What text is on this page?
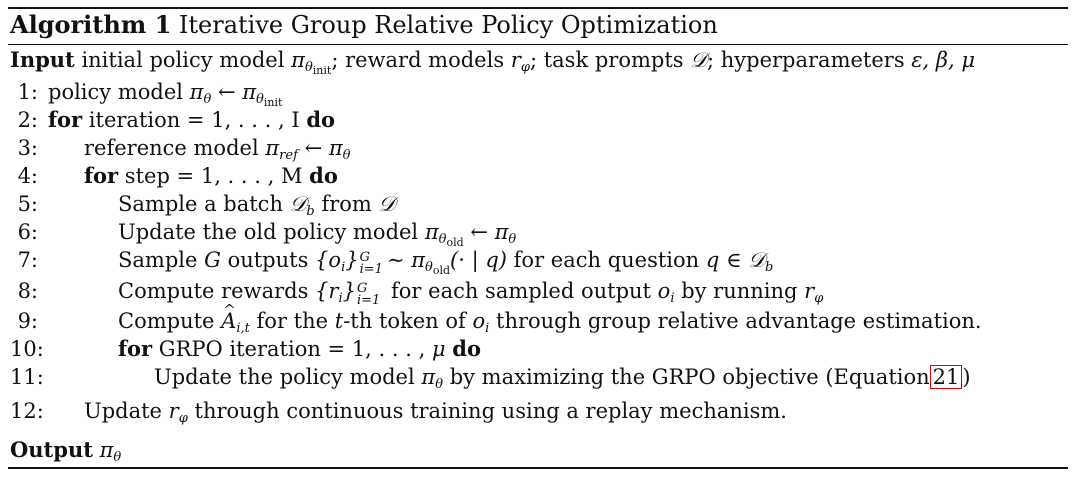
Algorithm 1 Iterative Group Relative Policy Optimization
Input initial policy model $\pi_{\theta_{init}}$; reward models $r_\varphi$; task prompts 𝒟; hyperparameters ε, β, μ
1: policy model $\pi_\theta$ ← $\pi_{\theta_{init}}$
2: for iteration = 1, . . . , I do
3: reference model $\pi_{ref}$ ← $\pi_\theta$
4: for step = 1, . . . , M do
5:	Sample a batch 𝒟$_b$ from 𝒟
6:	Update the old policy model $\pi_{\theta_{old}}$ ← $\pi_\theta$
7:	Sample G outputs $\{o_i\}$ G
i=1 ∼ $\pi_{\theta_{old}}(\cdot$ | q) for each question q ∈ 𝒟$_b$
8:	Compute rewards $\{r_i\}$ G
i=1 for each sampled output $o_i$ by running $r_\varphi$
9:	Compute ^ $A_{i,t}$ for the t-th token of $o_i$ through group relative advantage estimation.
10:	for GRPO iteration = 1, . . . , μ do
11:	Update the policy model $\pi_\theta$ by maximizing the GRPO objective (Equation 21 )
12: Update $r_\varphi$ through continuous training using a replay mechanism.
Output $\pi_\theta$
